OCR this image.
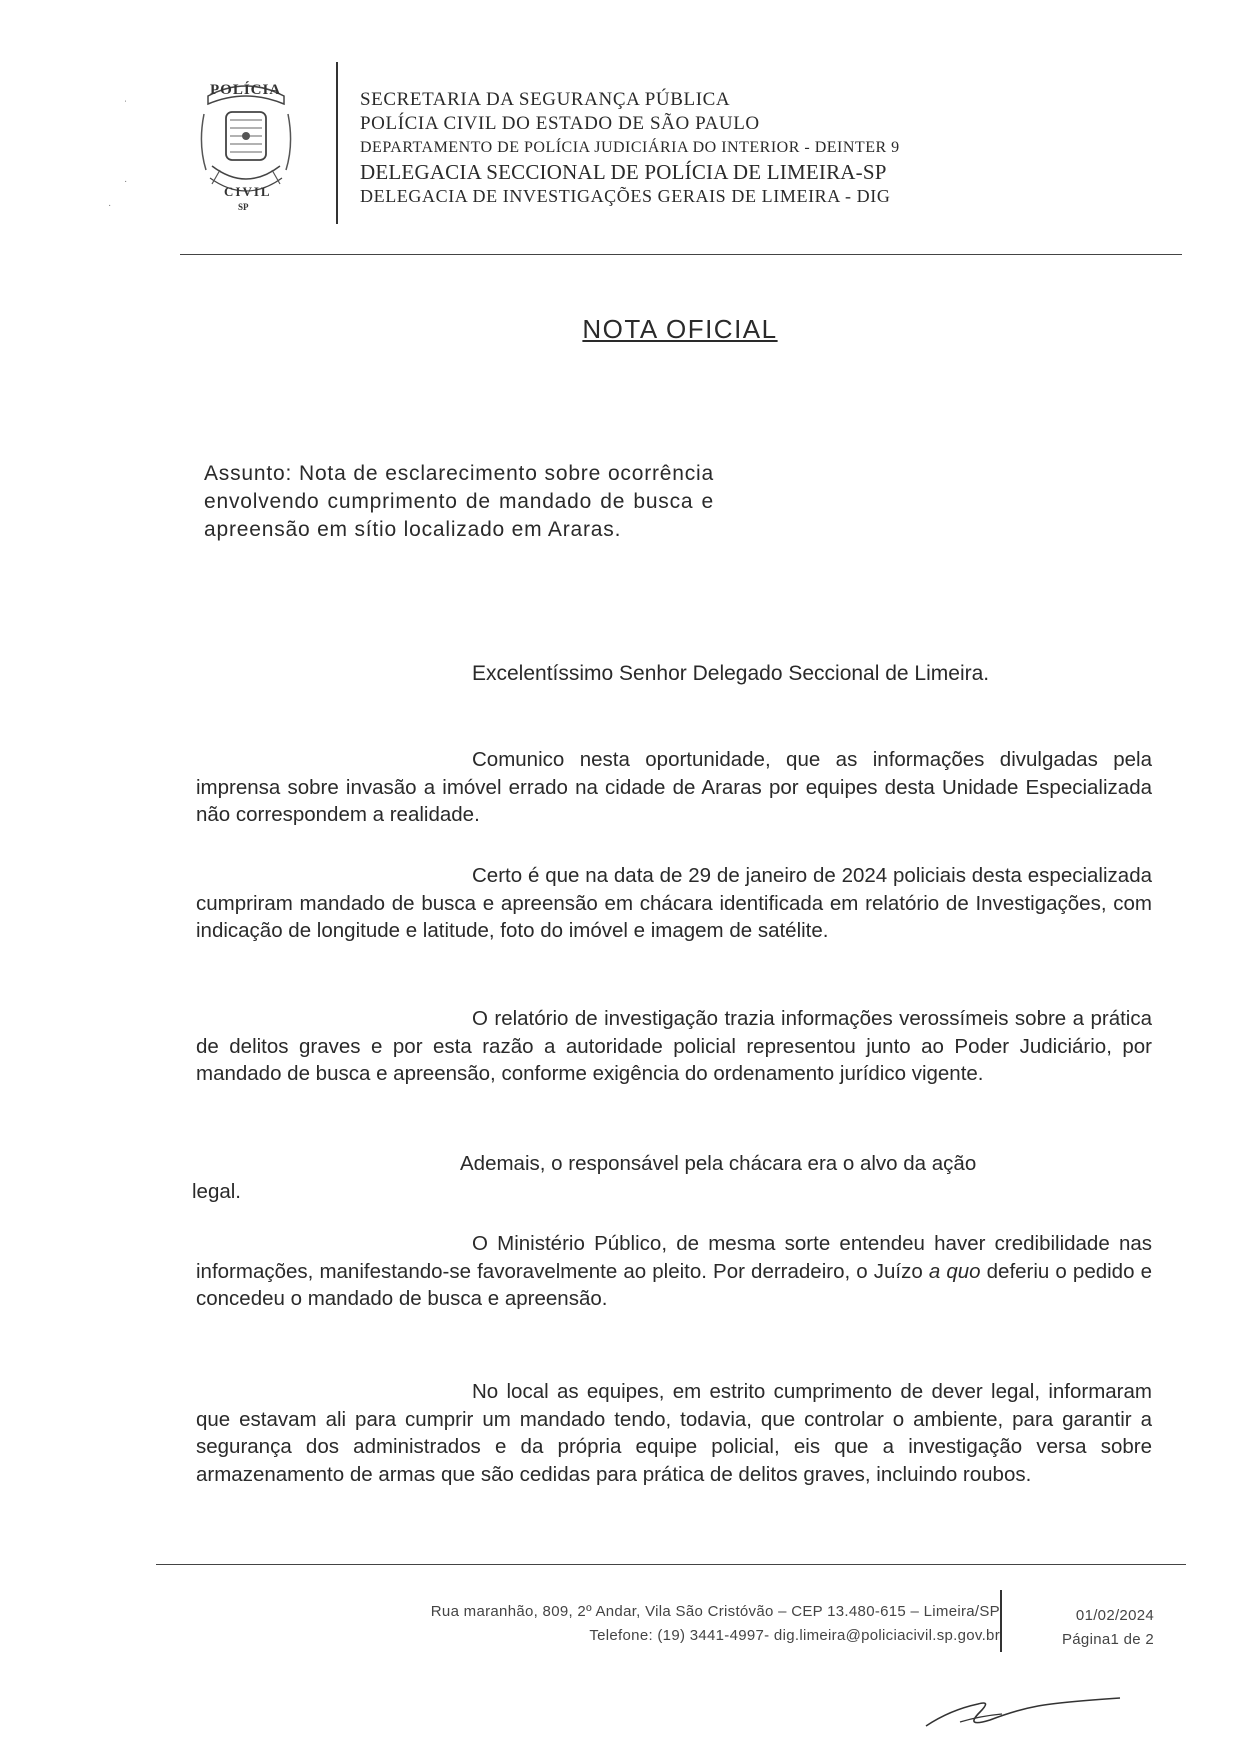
POLÍCIA
CIVIL
SP
ˈ
·
·
SECRETARIA DA SEGURANÇA PÚBLICA
POLÍCIA CIVIL DO ESTADO DE SÃO PAULO
DEPARTAMENTO DE POLÍCIA JUDICIÁRIA DO INTERIOR - DEINTER 9
DELEGACIA SECCIONAL DE POLÍCIA DE LIMEIRA-SP
DELEGACIA DE INVESTIGAÇÕES GERAIS DE LIMEIRA - DIG
NOTA OFICIAL
Assunto: Nota de esclarecimento sobre ocorrência envolvendo cumprimento de mandado de busca e apreensão em sítio localizado em Araras.
Excelentíssimo Senhor Delegado Seccional de Limeira.
Comunico nesta oportunidade, que as informações divulgadas pela imprensa sobre invasão a imóvel errado na cidade de Araras por equipes desta Unidade Especializada não correspondem a realidade.
Certo é que na data de 29 de janeiro de 2024 policiais desta especializada cumpriram mandado de busca e apreensão em chácara identificada em relatório de Investigações, com indicação de longitude e latitude, foto do imóvel e imagem de satélite.
O relatório de investigação trazia informações verossímeis sobre a prática de delitos graves e por esta razão a autoridade policial representou junto ao Poder Judiciário, por mandado de busca e apreensão, conforme exigência do ordenamento jurídico vigente.
Ademais, o responsável pela chácara era o alvo da ação
legal.
O Ministério Público, de mesma sorte entendeu haver credibilidade nas informações, manifestando-se favoravelmente ao pleito. Por derradeiro, o Juízo a quo deferiu o pedido e concedeu o mandado de busca e apreensão.
No local as equipes, em estrito cumprimento de dever legal, informaram que estavam ali para cumprir um mandado tendo, todavia, que controlar o ambiente, para garantir a segurança dos administrados e da própria equipe policial, eis que a investigação versa sobre armazenamento de armas que são cedidas para prática de delitos graves, incluindo roubos.
Rua maranhão, 809, 2º Andar, Vila São Cristóvão – CEP 13.480-615 – Limeira/SP
Telefone: (19) 3441-4997- dig.limeira@policiacivil.sp.gov.br
01/02/2024
Página1 de 2
